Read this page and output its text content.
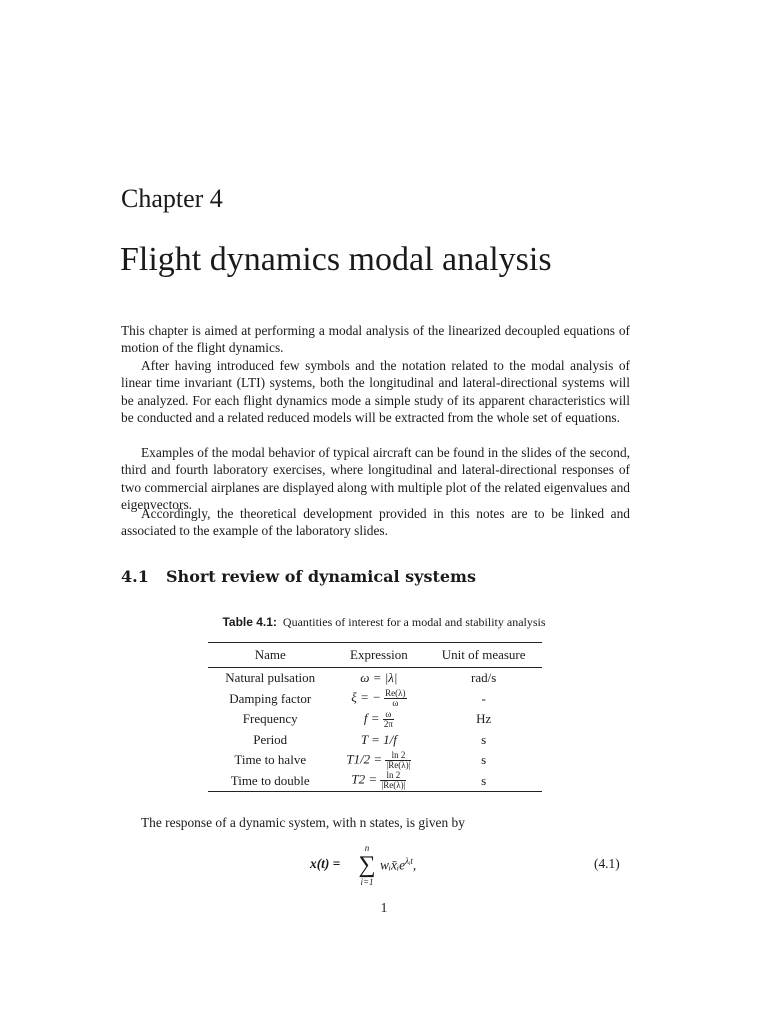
Chapter 4
Flight dynamics modal analysis

This chapter is aimed at performing a modal analysis of the linearized decoupled equations of motion of the flight dynamics.

After having introduced few symbols and the notation related to the modal analysis of linear time invariant (LTI) systems, both the longitudinal and lateral-directional systems will be analyzed. For each flight dynamics mode a simple study of its apparent characteristics will be conducted and a related reduced models will be extracted from the whole set of equations.

Examples of the modal behavior of typical aircraft can be found in the slides of the second, third and fourth laboratory exercises, where longitudinal and lateral-directional responses of two commercial airplanes are displayed along with multiple plot of the related eigenvalues and eigenvectors.

Accordingly, the theoretical development provided in this notes are to be linked and associated to the example of the laboratory slides.

4.1 Short review of dynamical systems
Table 4.1: Quantities of interest for a modal and stability analysis
Name	Expression	Unit of measure
Natural pulsation	ω = |λ|	rad/s
Damping factor	ξ = − $\frac{Re(\lambda)}{\omega}$	-
Frequency	$f = \frac{\omega}{2\pi}$	Hz
Period	T = 1/f	s
Time to halve	$T1/2 = \frac{\ln 2}{|Re(\lambda)|}$	s
Time to double	$T2 = \frac{\ln 2}{|Re(\lambda)|}$	s
The response of a dynamic system, with n states, is given by
x(t) =
n
∑
i=1
wᵢx̄ᵢe$^{\lambda ᵢt}$,	(4.1)
1
